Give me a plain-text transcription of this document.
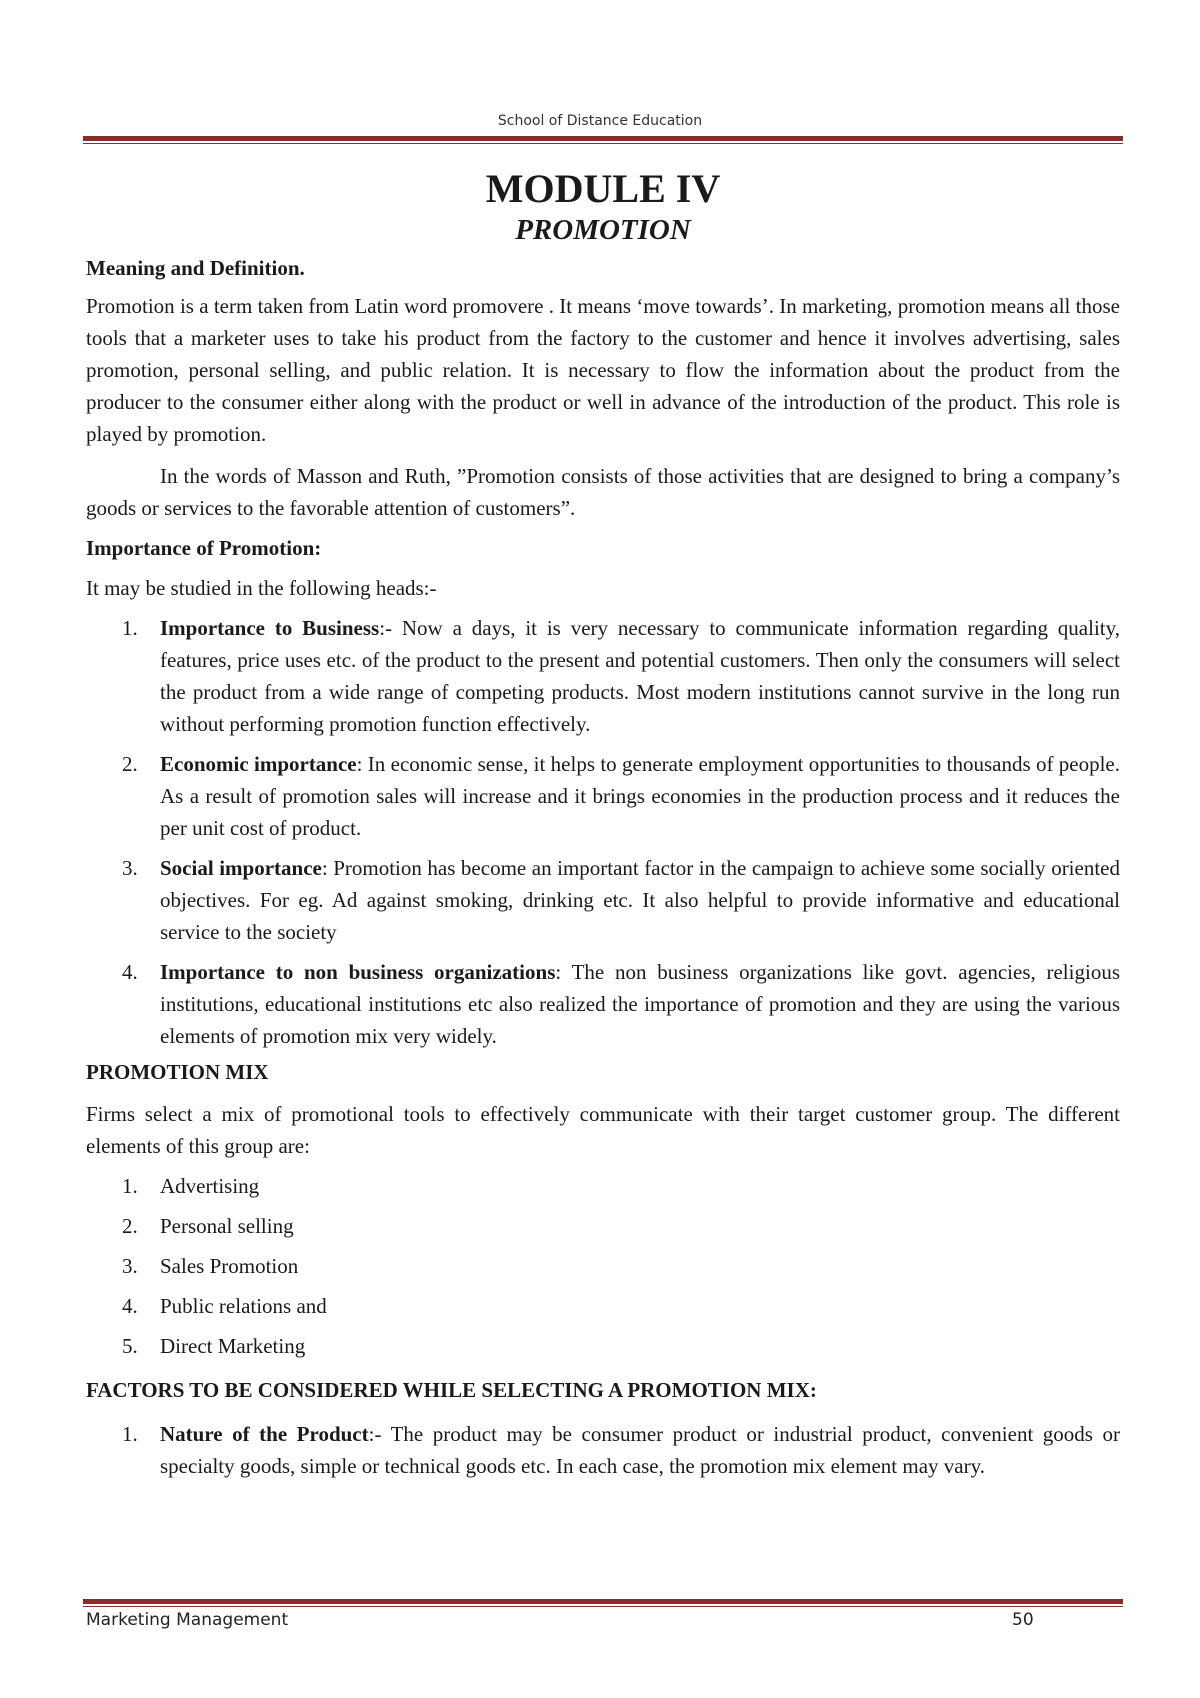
School of Distance Education
MODULE IV
PROMOTION

Meaning and Definition.

Promotion is a term taken from Latin word promovere . It means ‘move towards’. In marketing, promotion means all those tools that a marketer uses to take his product from the factory to the customer and hence it involves advertising, sales promotion, personal selling, and public relation. It is necessary to flow the information about the product from the producer to the consumer either along with the product or well in advance of the introduction of the product. This role is played by promotion.

In the words of Masson and Ruth, ”Promotion consists of those activities that are designed to bring a company’s goods or services to the favorable attention of customers”.

Importance of Promotion:

It may be studied in the following heads:-

1.	Importance to Business:- Now a days, it is very necessary to communicate information regarding quality, features, price uses etc. of the product to the present and potential customers. Then only the consumers will select the product from a wide range of competing products. Most modern institutions cannot survive in the long run without performing promotion function effectively.
2.	Economic importance: In economic sense, it helps to generate employment opportunities to thousands of people. As a result of promotion sales will increase and it brings economies in the production process and it reduces the per unit cost of product.
3.	Social importance: Promotion has become an important factor in the campaign to achieve some socially oriented objectives. For eg. Ad against smoking, drinking etc. It also helpful to provide informative and educational service to the society
4.	Importance to non business organizations: The non business organizations like govt. agencies, religious institutions, educational institutions etc also realized the importance of promotion and they are using the various elements of promotion mix very widely.

PROMOTION MIX

Firms select a mix of promotional tools to effectively communicate with their target customer group. The different elements of this group are:

1.	Advertising
2.	Personal selling
3.	Sales Promotion
4.	Public relations and
5.	Direct Marketing

FACTORS TO BE CONSIDERED WHILE SELECTING A PROMOTION MIX:

1.	Nature of the Product:- The product may be consumer product or industrial product, convenient goods or specialty goods, simple or technical goods etc. In each case, the promotion mix element may vary.
Marketing Management	50
